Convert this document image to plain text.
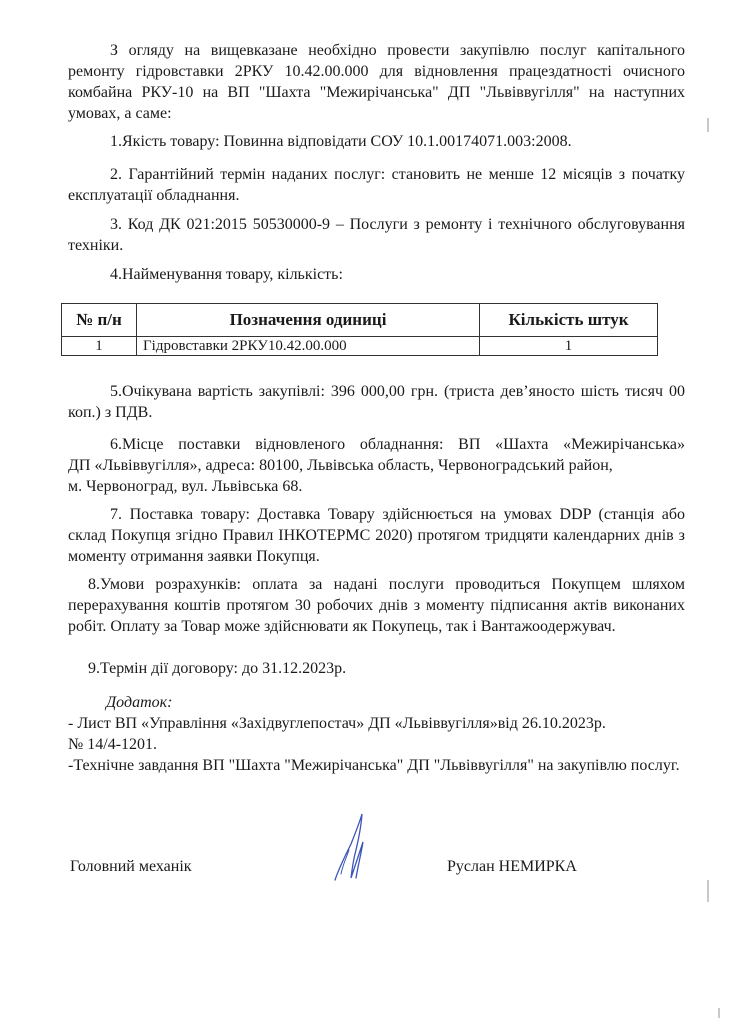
З огляду на вищевказане необхідно провести закупівлю послуг капітального ремонту гідровставки 2РКУ 10.42.00.000 для відновлення працездатності очисного комбайна РКУ-10 на ВП "Шахта "Межирічанська" ДП "Львіввугілля" на наступних умовах, а саме:

1.Якість товару: Повинна відповідати СОУ 10.1.00174071.003:2008.

2. Гарантійний термін наданих послуг: становить не менше 12 місяців з початку експлуатації обладнання.

3. Код ДК 021:2015 50530000-9 – Послуги з ремонту і технічного обслуговування техніки.

4.Найменування товару, кількість:

№ п/н	Позначення одиниці	Кількість штук
1	Гідровставки 2РКУ10.42.00.000	1

5.Очікувана вартість закупівлі: 396 000,00 грн. (триста дев’яносто шість тисяч 00 коп.) з ПДВ.

6.Місце поставки відновленого обладнання: ВП «Шахта «Межирічанська»
ДП «Львіввугілля», адреса: 80100, Львівська область, Червоноградський район,
м. Червоноград, вул. Львівська 68.

7. Поставка товару: Доставка Товару здійснюється на умовах DDP (станція або склад Покупця згідно Правил ІНКОТЕРМС 2020) протягом тридцяти календарних днів з моменту отримання заявки Покупця.

8.Умови розрахунків: оплата за надані послуги проводиться Покупцем шляхом перерахування коштів протягом 30 робочих днів з моменту підписання актів виконаних робіт. Оплату за Товар може здійснювати як Покупець, так і Вантажоодержувач.

9.Термін дії договору: до 31.12.2023р.

Додаток:
- Лист ВП «Управління «Західвуглепостач» ДП «Львіввугілля»від 26.10.2023р.
№ 14/4-1201.
-Технічне завдання ВП "Шахта "Межирічанська" ДП "Львіввугілля" на закупівлю послуг.
Головний механік	Руслан НЕМИРКА
